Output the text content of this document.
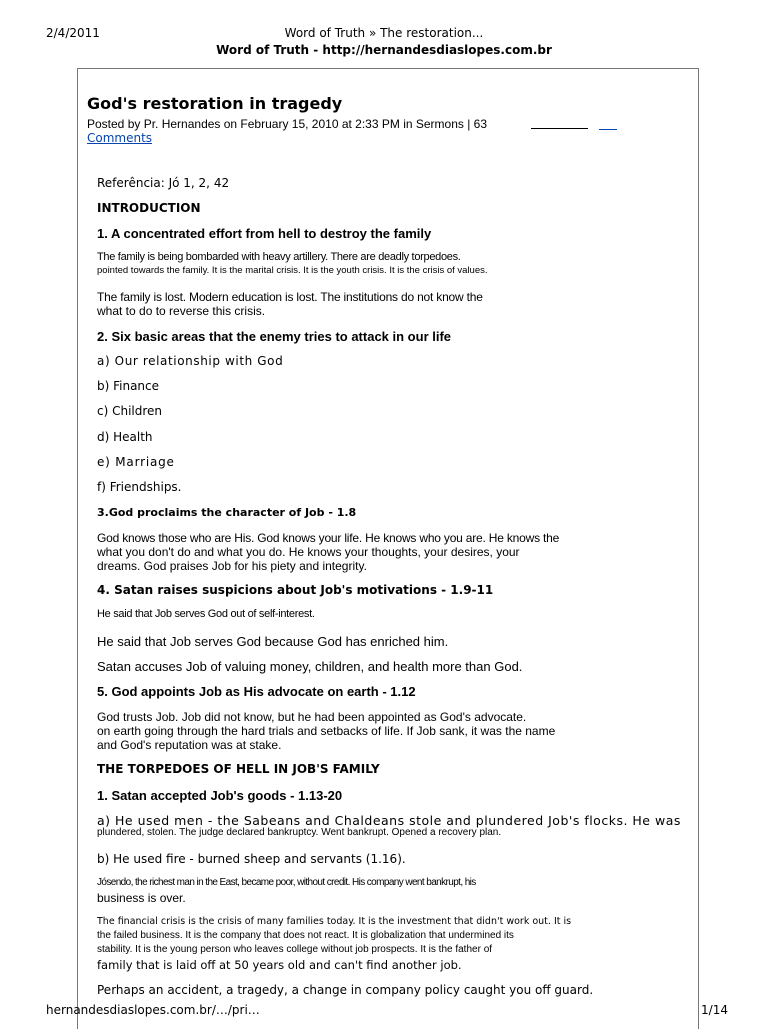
2/4/2011	Word of Truth » The restoration...
Word of Truth - http://hernandesdiaslopes.com.br
God's restoration in tragedy
Posted by Pr. Hernandes on February 15, 2010 at 2:33 PM in Sermons | 63
Comments

Referência: Jó 1, 2, 42

INTRODUCTION

1. A concentrated effort from hell to destroy the family

The family is being bombarded with heavy artillery. There are deadly torpedoes.

pointed towards the family. It is the marital crisis. It is the youth crisis. It is the crisis of values.

The family is lost. Modern education is lost. The institutions do not know the

what to do to reverse this crisis.

2. Six basic areas that the enemy tries to attack in our life

a) Our relationship with God

b) Finance

c) Children

d) Health

e) Marriage

f) Friendships.

3.God proclaims the character of Job - 1.8

God knows those who are His. God knows your life. He knows who you are. He knows the

what you don't do and what you do. He knows your thoughts, your desires, your

dreams. God praises Job for his piety and integrity.

4. Satan raises suspicions about Job's motivations - 1.9-11

He said that Job serves God out of self-interest.

He said that Job serves God because God has enriched him.

Satan accuses Job of valuing money, children, and health more than God.

5. God appoints Job as His advocate on earth - 1.12

God trusts Job. Job did not know, but he had been appointed as God's advocate.

on earth going through the hard trials and setbacks of life. If Job sank, it was the name

and God's reputation was at stake.

THE TORPEDOES OF HELL IN JOB'S FAMILY

1. Satan accepted Job's goods - 1.13-20

a) He used men - the Sabeans and Chaldeans stole and plundered Job's flocks. He was

plundered, stolen. The judge declared bankruptcy. Went bankrupt. Opened a recovery plan.

b) He used fire - burned sheep and servants (1.16).

Jósendo, the richest man in the East, became poor, without credit. His company went bankrupt, his

business is over.

The financial crisis is the crisis of many families today. It is the investment that didn't work out. It is

the failed business. It is the company that does not react. It is globalization that undermined its

stability. It is the young person who leaves college without job prospects. It is the father of

family that is laid off at 50 years old and can't find another job.

Perhaps an accident, a tragedy, a change in company policy caught you off guard.

hernandesdiaslopes.com.br/…/pri…	1/14
